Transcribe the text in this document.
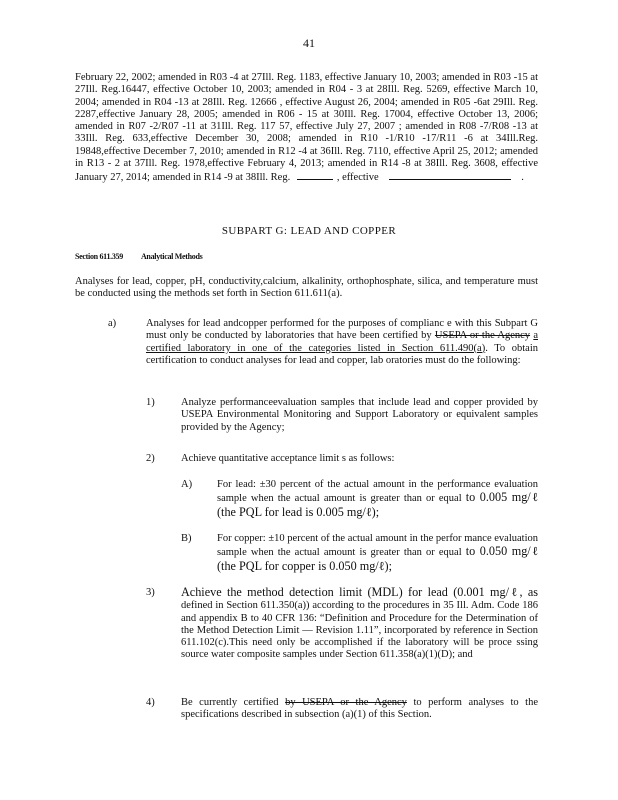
41
February 22, 2002; amended in R03 -4 at 27Ill. Reg. 1183, effective January 10, 2003; amended in R03 -15 at 27Ill. Reg.16447, effective October 10, 2003; amended in R04 - 3 at 28Ill. Reg. 5269, effective March 10, 2004; amended in R04 -13 at 28Ill. Reg. 12666 , effective August 26, 2004; amended in R05 -6at 29Ill. Reg. 2287,effective January 28, 2005; amended in R06 - 15 at 30Ill. Reg. 17004, effective October 13, 2006; amended in R07 -2/R07 -11 at 31Ill. Reg. 117 57, effective July 27, 2007 ; amended in R08 -7/R08 -13 at 33Ill. Reg. 633,effective December 30, 2008; amended in R10 -1/R10 -17/R11 -6 at 34Ill.Reg. 19848,effective December 7, 2010; amended in R12 -4 at 36Ill. Reg. 7110, effective April 25, 2012; amended in R13 - 2 at 37Ill. Reg. 1978,effective February 4, 2013; amended in R14 -8 at 38Ill. Reg. 3608, effective January 27, 2014; amended in R14 -9 at 38Ill. Reg.	, effective	.
SUBPART G: LEAD AND COPPER
Section 611.359 Analytical Methods
Analyses for lead, copper, pH, conductivity,calcium, alkalinity, orthophosphate, silica, and temperature must be conducted using the methods set forth in Section 611.611(a).
a)	Analyses for lead andcopper performed for the purposes of complianc e with this Subpart G must only be conducted by laboratories that have been certified by USEPA or the Agency a certified laboratory in one of the categories listed in Section 611.490(a). To obtain certification to conduct analyses for lead and copper, lab oratories must do the following:
1)	Analyze performanceevaluation samples that include lead and copper provided by USEPA Environmental Monitoring and Support Laboratory or equivalent samples provided by the Agency;
2)	Achieve quantitative acceptance limit s as follows:
A) For lead: ±30 percent of the actual amount in the performance evaluation sample when the actual amount is greater than or equal to 0.005 mg/ℓ (the PQL for lead is 0.005 mg/ℓ);
B) For copper: ±10 percent of the actual amount in the perfor mance evaluation sample when the actual amount is greater than or equal to 0.050 mg/ℓ (the PQL for copper is 0.050 mg/ℓ);
3) Achieve the method detection limit (MDL) for lead (0.001 mg/ℓ, as defined in Section 611.350(a)) according to the procedures in 35 Ill. Adm. Code 186 and appendix B to 40 CFR 136: “Definition and Procedure for the Determination of the Method Detection Limit — Revision 1.11”, incorporated by reference in Section 611.102(c).This need only be accomplished if the laboratory will be proce ssing source water composite samples under Section 611.358(a)(1)(D); and
4)	Be currently certified by USEPA or the Agency to perform analyses to the specifications described in subsection (a)(1) of this Section.
